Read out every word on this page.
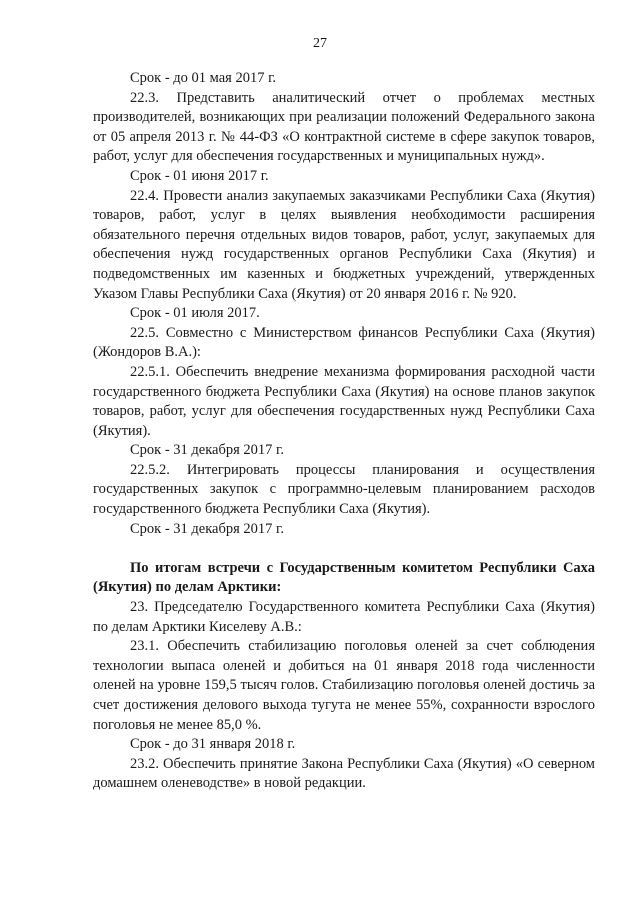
27

Срок - до 01 мая 2017 г.

22.3. Представить аналитический отчет о проблемах местных производителей, возникающих при реализации положений Федерального закона от 05 апреля 2013 г. № 44-ФЗ «О контрактной системе в сфере закупок товаров, работ, услуг для обеспечения государственных и муниципальных нужд».

Срок - 01 июня 2017 г.

22.4. Провести анализ закупаемых заказчиками Республики Саха (Якутия) товаров, работ, услуг в целях выявления необходимости расширения обязательного перечня отдельных видов товаров, работ, услуг, закупаемых для обеспечения нужд государственных органов Республики Саха (Якутия) и подведомственных им казенных и бюджетных учреждений, утвержденных Указом Главы Республики Саха (Якутия) от 20 января 2016 г. № 920.

Срок - 01 июля 2017.

22.5. Совместно с Министерством финансов Республики Саха (Якутия) (Жондоров В.А.):

22.5.1. Обеспечить внедрение механизма формирования расходной части государственного бюджета Республики Саха (Якутия) на основе планов закупок товаров, работ, услуг для обеспечения государственных нужд Республики Саха (Якутия).

Срок - 31 декабря 2017 г.

22.5.2. Интегрировать процессы планирования и осуществления государственных закупок с программно-целевым планированием расходов государственного бюджета Республики Саха (Якутия).

Срок - 31 декабря 2017 г.

По итогам встречи с Государственным комитетом Республики Саха (Якутия) по делам Арктики:

23. Председателю Государственного комитета Республики Саха (Якутия) по делам Арктики Киселеву А.В.:

23.1. Обеспечить стабилизацию поголовья оленей за счет соблюдения технологии выпаса оленей и добиться на 01 января 2018 года численности оленей на уровне 159,5 тысяч голов. Стабилизацию поголовья оленей достичь за счет достижения делового выхода тугута не менее 55%, сохранности взрослого поголовья не менее 85,0 %.

Срок - до 31 января 2018 г.

23.2. Обеспечить принятие Закона Республики Саха (Якутия) «О северном домашнем оленеводстве» в новой редакции.
